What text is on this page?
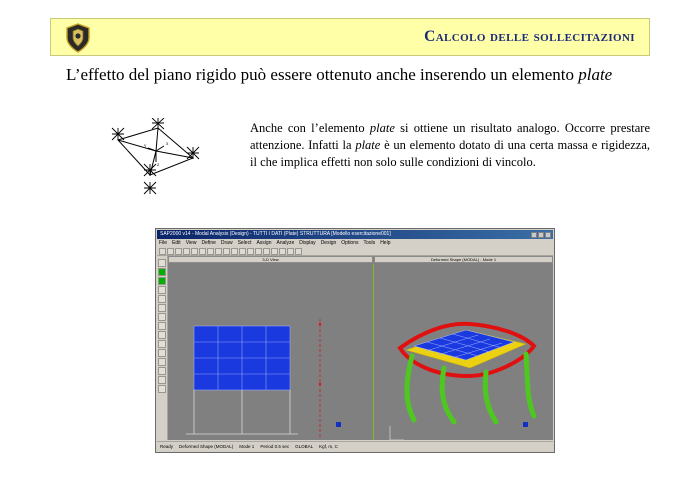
Calcolo delle sollecitazioni
L’effetto del piano rigido può essere ottenuto anche inserendo un elemento plate
x
y
z
Anche con l’elemento plate si ottiene un risultato analogo. Occorre prestare attenzione. Infatti la plate è un elemento dotato di una certa massa e rigidezza, il che implica effetti non solo sulle condizioni di vincolo.
SAP2000 v14 - Modal Analysis (Design) - TUTTI I DATI (Plate) STRUTTURA [Modello esercitazione001]
File Edit View Define Draw Select Assign Analyze Display Design Options Tools Help
3-D View	Deformed Shape (MODAL) - Mode 1
Ready Deformed Shape (MODAL) Mode 1 Period 0.5 sec GLOBAL Kgf, m, C
